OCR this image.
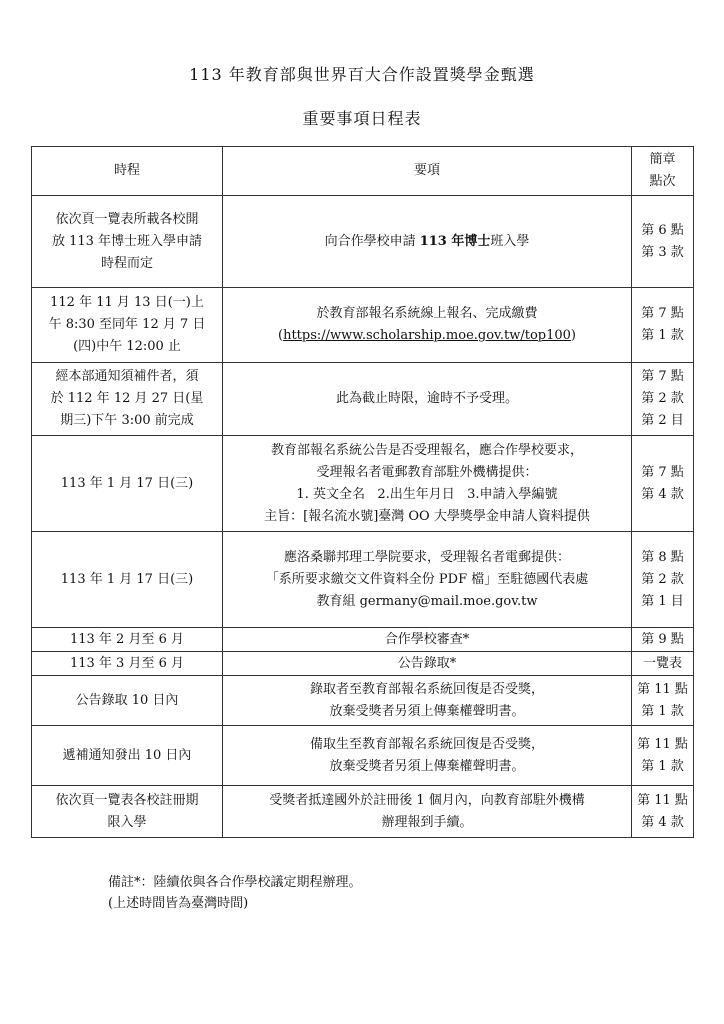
113 年教育部與世界百大合作設置獎學金甄選
重要事項日程表
時程	要項	簡章
點次

依次頁一覽表所載各校開
放 113 年博士班入學申請
時程而定	向合作學校申請 113 年博士班入學	第 6 點
第 3 款

112 年 11 月 13 日(一)上
午 8:30 至同年 12 月 7 日
(四)中午 12:00 止	於教育部報名系統線上報名、完成繳費
(https://www.scholarship.moe.gov.tw/top100)	第 7 點
第 1 款

經本部通知須補件者，須
於 112 年 12 月 27 日(星
期三)下午 3:00 前完成	此為截止時限，逾時不予受理。	第 7 點
第 2 款
第 2 目

113 年 1 月 17 日(三)	教育部報名系統公告是否受理報名，應合作學校要求，
受理報名者電郵教育部駐外機構提供：
1. 英文全名   2.出生年月日   3.申請入學編號
主旨：[報名流水號]臺灣 OO 大學獎學金申請人資料提供	第 7 點
第 4 款

113 年 1 月 17 日(三)	應洛桑聯邦理工學院要求，受理報名者電郵提供：
「系所要求繳交文件資料全份 PDF 檔」至駐德國代表處
教育組 germany@mail.moe.gov.tw	第 8 點
第 2 款
第 1 目

113 年 2 月至 6 月	合作學校審查*	第 9 點
113 年 3 月至 6 月	公告錄取*	一覽表

公告錄取 10 日內	錄取者至教育部報名系統回復是否受獎，
放棄受獎者另須上傳棄權聲明書。	第 11 點
第 1 款

遞補通知發出 10 日內	備取生至教育部報名系統回復是否受獎，
放棄受獎者另須上傳棄權聲明書。	第 11 點
第 1 款

依次頁一覽表各校註冊期
限入學	受獎者抵達國外於註冊後 1 個月內，向教育部駐外機構
辦理報到手續。	第 11 點
第 4 款
備註*：陸續依與各合作學校議定期程辦理。
(上述時間皆為臺灣時間)
